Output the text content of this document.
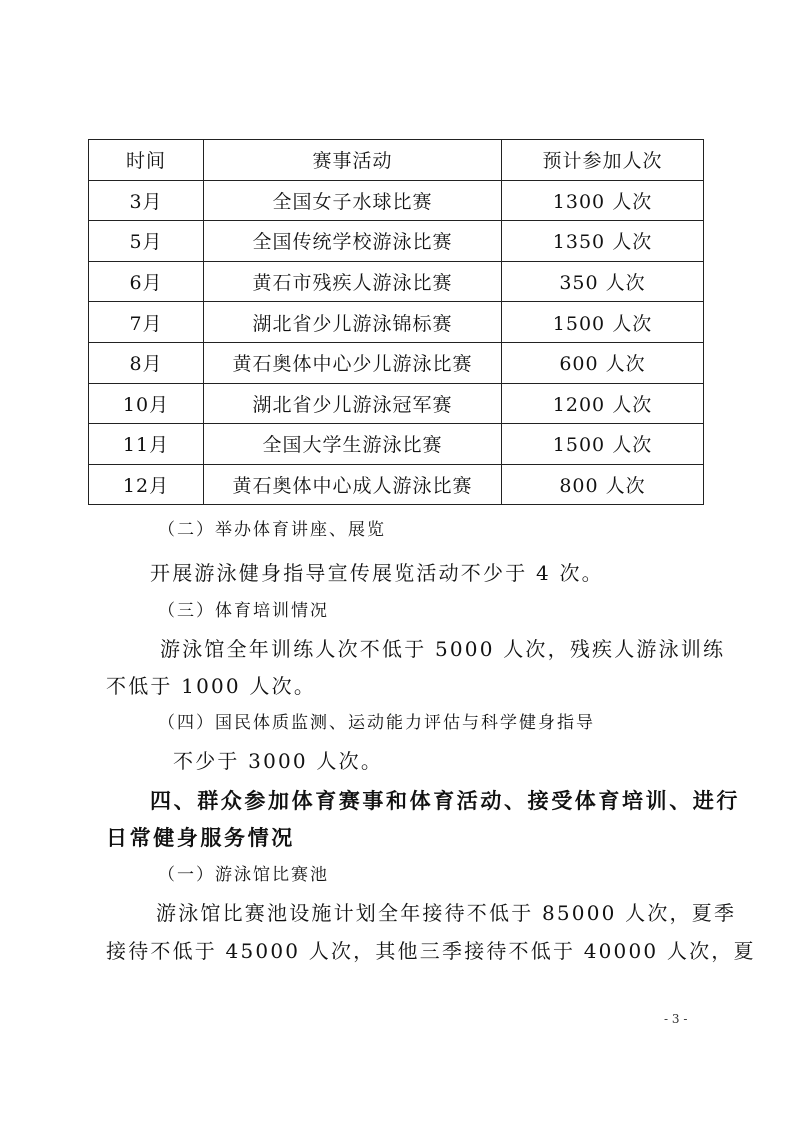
时间	赛事活动	预计参加人次
3月	全国女子水球比赛	1300 人次
5月	全国传统学校游泳比赛	1350 人次
6月	黄石市残疾人游泳比赛	350 人次
7月	湖北省少儿游泳锦标赛	1500 人次
8月	黄石奥体中心少儿游泳比赛	600 人次
10月	湖北省少儿游泳冠军赛	1200 人次
11月	全国大学生游泳比赛	1500 人次
12月	黄石奥体中心成人游泳比赛	800 人次
（二）举办体育讲座、展览
开展游泳健身指导宣传展览活动不少于 4 次。
（三）体育培训情况
游泳馆全年训练人次不低于 5000 人次，残疾人游泳训练
不低于 1000 人次。
（四）国民体质监测、运动能力评估与科学健身指导
不少于 3000 人次。
四、群众参加体育赛事和体育活动、接受体育培训、进行
日常健身服务情况
（一）游泳馆比赛池
游泳馆比赛池设施计划全年接待不低于 85000 人次，夏季
接待不低于 45000 人次，其他三季接待不低于 40000 人次，夏
- 3 -
